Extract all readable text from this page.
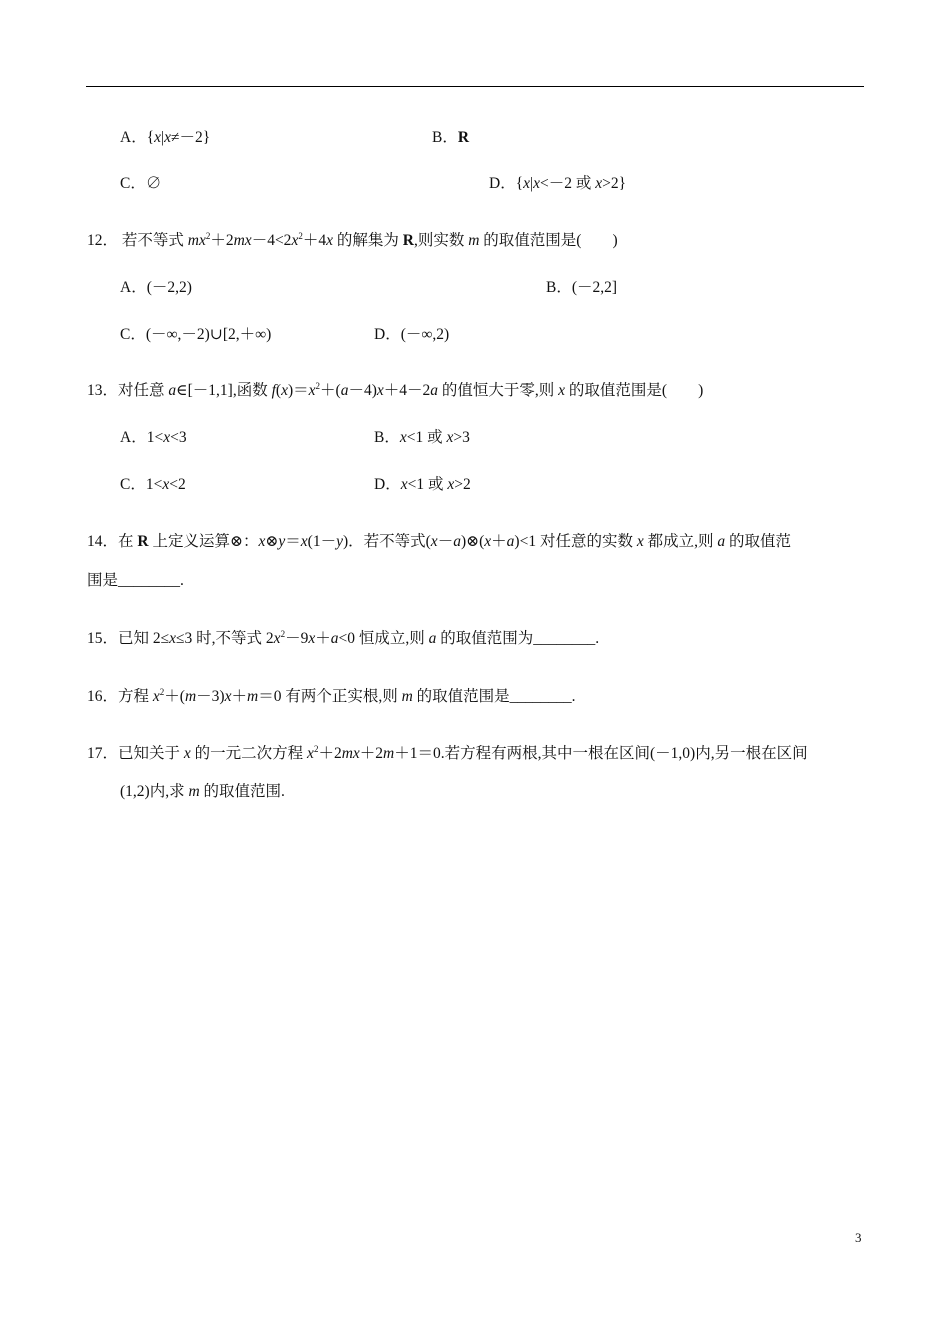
A．{x|x≠－2}	B．R
C．∅	D．{x|x<－2 或 x>2}
12． 若不等式 $mx^2+2mx-4<2x^2+4x$ 的解集为 R,则实数 m 的取值范围是(　　)
A．(－2,2)	B．(－2,2]
C．(－∞,－2)∪[2,＋∞)	D．(－∞,2)
13．对任意 a∈[－1,1],函数 $f(x)=x^2+(a-4)x+4-2a$ 的值恒大于零,则 x 的取值范围是(　　)
A．1<x<3	B．x<1 或 x>3
C．1<x<2	D．x<1 或 x>2
14．在 R 上定义运算⊗：x⊗y＝x(1－y)．若不等式(x－a)⊗(x＋a)<1 对任意的实数 x 都成立,则 a 的取值范
围是________.
15．已知 2≤x≤3 时,不等式 $2x^2-9x+a<0$ 恒成立,则 a 的取值范围为________.
16．方程 $x^2+(m-3)x+m=0$ 有两个正实根,则 m 的取值范围是________.
17．已知关于 x 的一元二次方程 $x^2+2mx+2m+1=0$.若方程有两根,其中一根在区间(－1,0)内,另一根在区间
(1,2)内,求 m 的取值范围.
3
